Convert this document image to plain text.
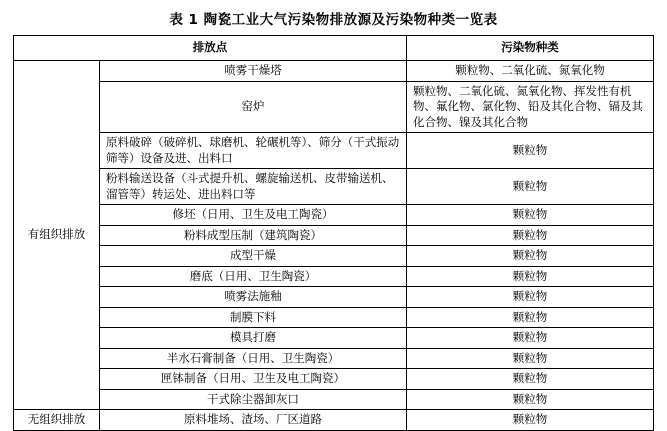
表 1 陶瓷工业大气污染物排放源及污染物种类一览表
排放点		污染物种类
有组织排放	喷雾干燥塔	颗粒物、二氧化硫、氮氧化物
	窑炉	颗粒物、二氧化硫、氮氧化物、挥发性有机物、氟化物、氯化物、铅及其化合物、镉及其化合物、镍及其化合物
	原料破碎（破碎机、球磨机、轮碾机等）、筛分（干式振动筛等）设备及进、出料口	颗粒物
	粉料输送设备（斗式提升机、螺旋输送机、皮带输送机、溜管等）转运处、进出料口等	颗粒物
	修坯（日用、卫生及电工陶瓷）	颗粒物
	粉料成型压制（建筑陶瓷）	颗粒物
	成型干燥	颗粒物
	磨底（日用、卫生陶瓷）	颗粒物
	喷雾法施釉	颗粒物
	制膜下料	颗粒物
	模具打磨	颗粒物
	半水石膏制备（日用、卫生陶瓷）	颗粒物
	匣钵制备（日用、卫生及电工陶瓷）	颗粒物
	干式除尘器卸灰口	颗粒物
无组织排放	原料堆场、渣场、厂区道路	颗粒物
